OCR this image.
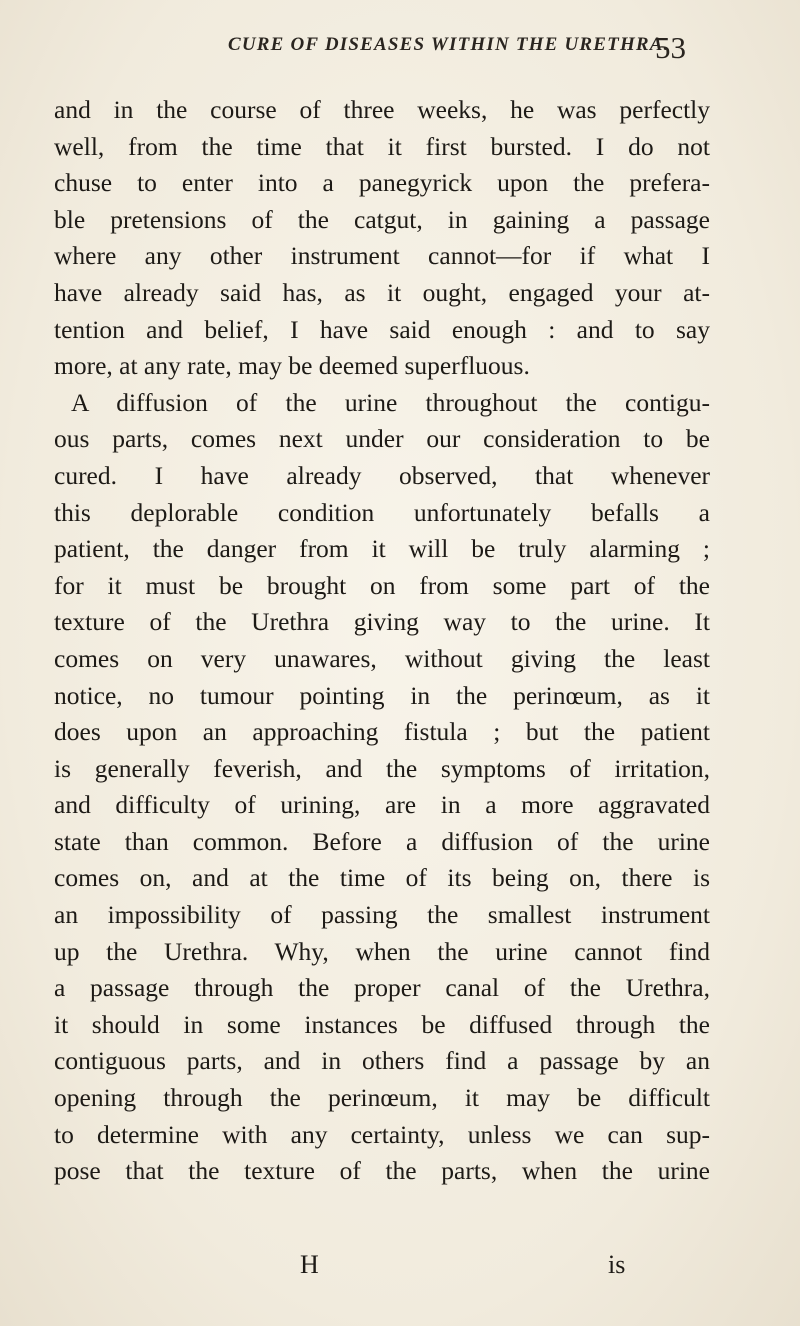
CURE OF DISEASES WITHIN THE URETHRA.
53
and in the course of three weeks, he was perfectly
well, from the time that it first bursted. I do not
chuse to enter into a panegyrick upon the prefera-
ble pretensions of the catgut, in gaining a passage
where any other instrument cannot—for if what I
have already said has, as it ought, engaged your at-
tention and belief, I have said enough : and to say
more, at any rate, may be deemed superfluous.
A diffusion of the urine throughout the contigu-
ous parts, comes next under our consideration to be
cured. I have already observed, that whenever
this deplorable condition unfortunately befalls a
patient, the danger from it will be truly alarming ;
for it must be brought on from some part of the
texture of the Urethra giving way to the urine. It
comes on very unawares, without giving the least
notice, no tumour pointing in the perinœum, as it
does upon an approaching fistula ; but the patient
is generally feverish, and the symptoms of irritation,
and difficulty of urining, are in a more aggravated
state than common. Before a diffusion of the urine
comes on, and at the time of its being on, there is
an impossibility of passing the smallest instrument
up the Urethra. Why, when the urine cannot find
a passage through the proper canal of the Urethra,
it should in some instances be diffused through the
contiguous parts, and in others find a passage by an
opening through the perinœum, it may be difficult
to determine with any certainty, unless we can sup-
pose that the texture of the parts, when the urine
H	is
